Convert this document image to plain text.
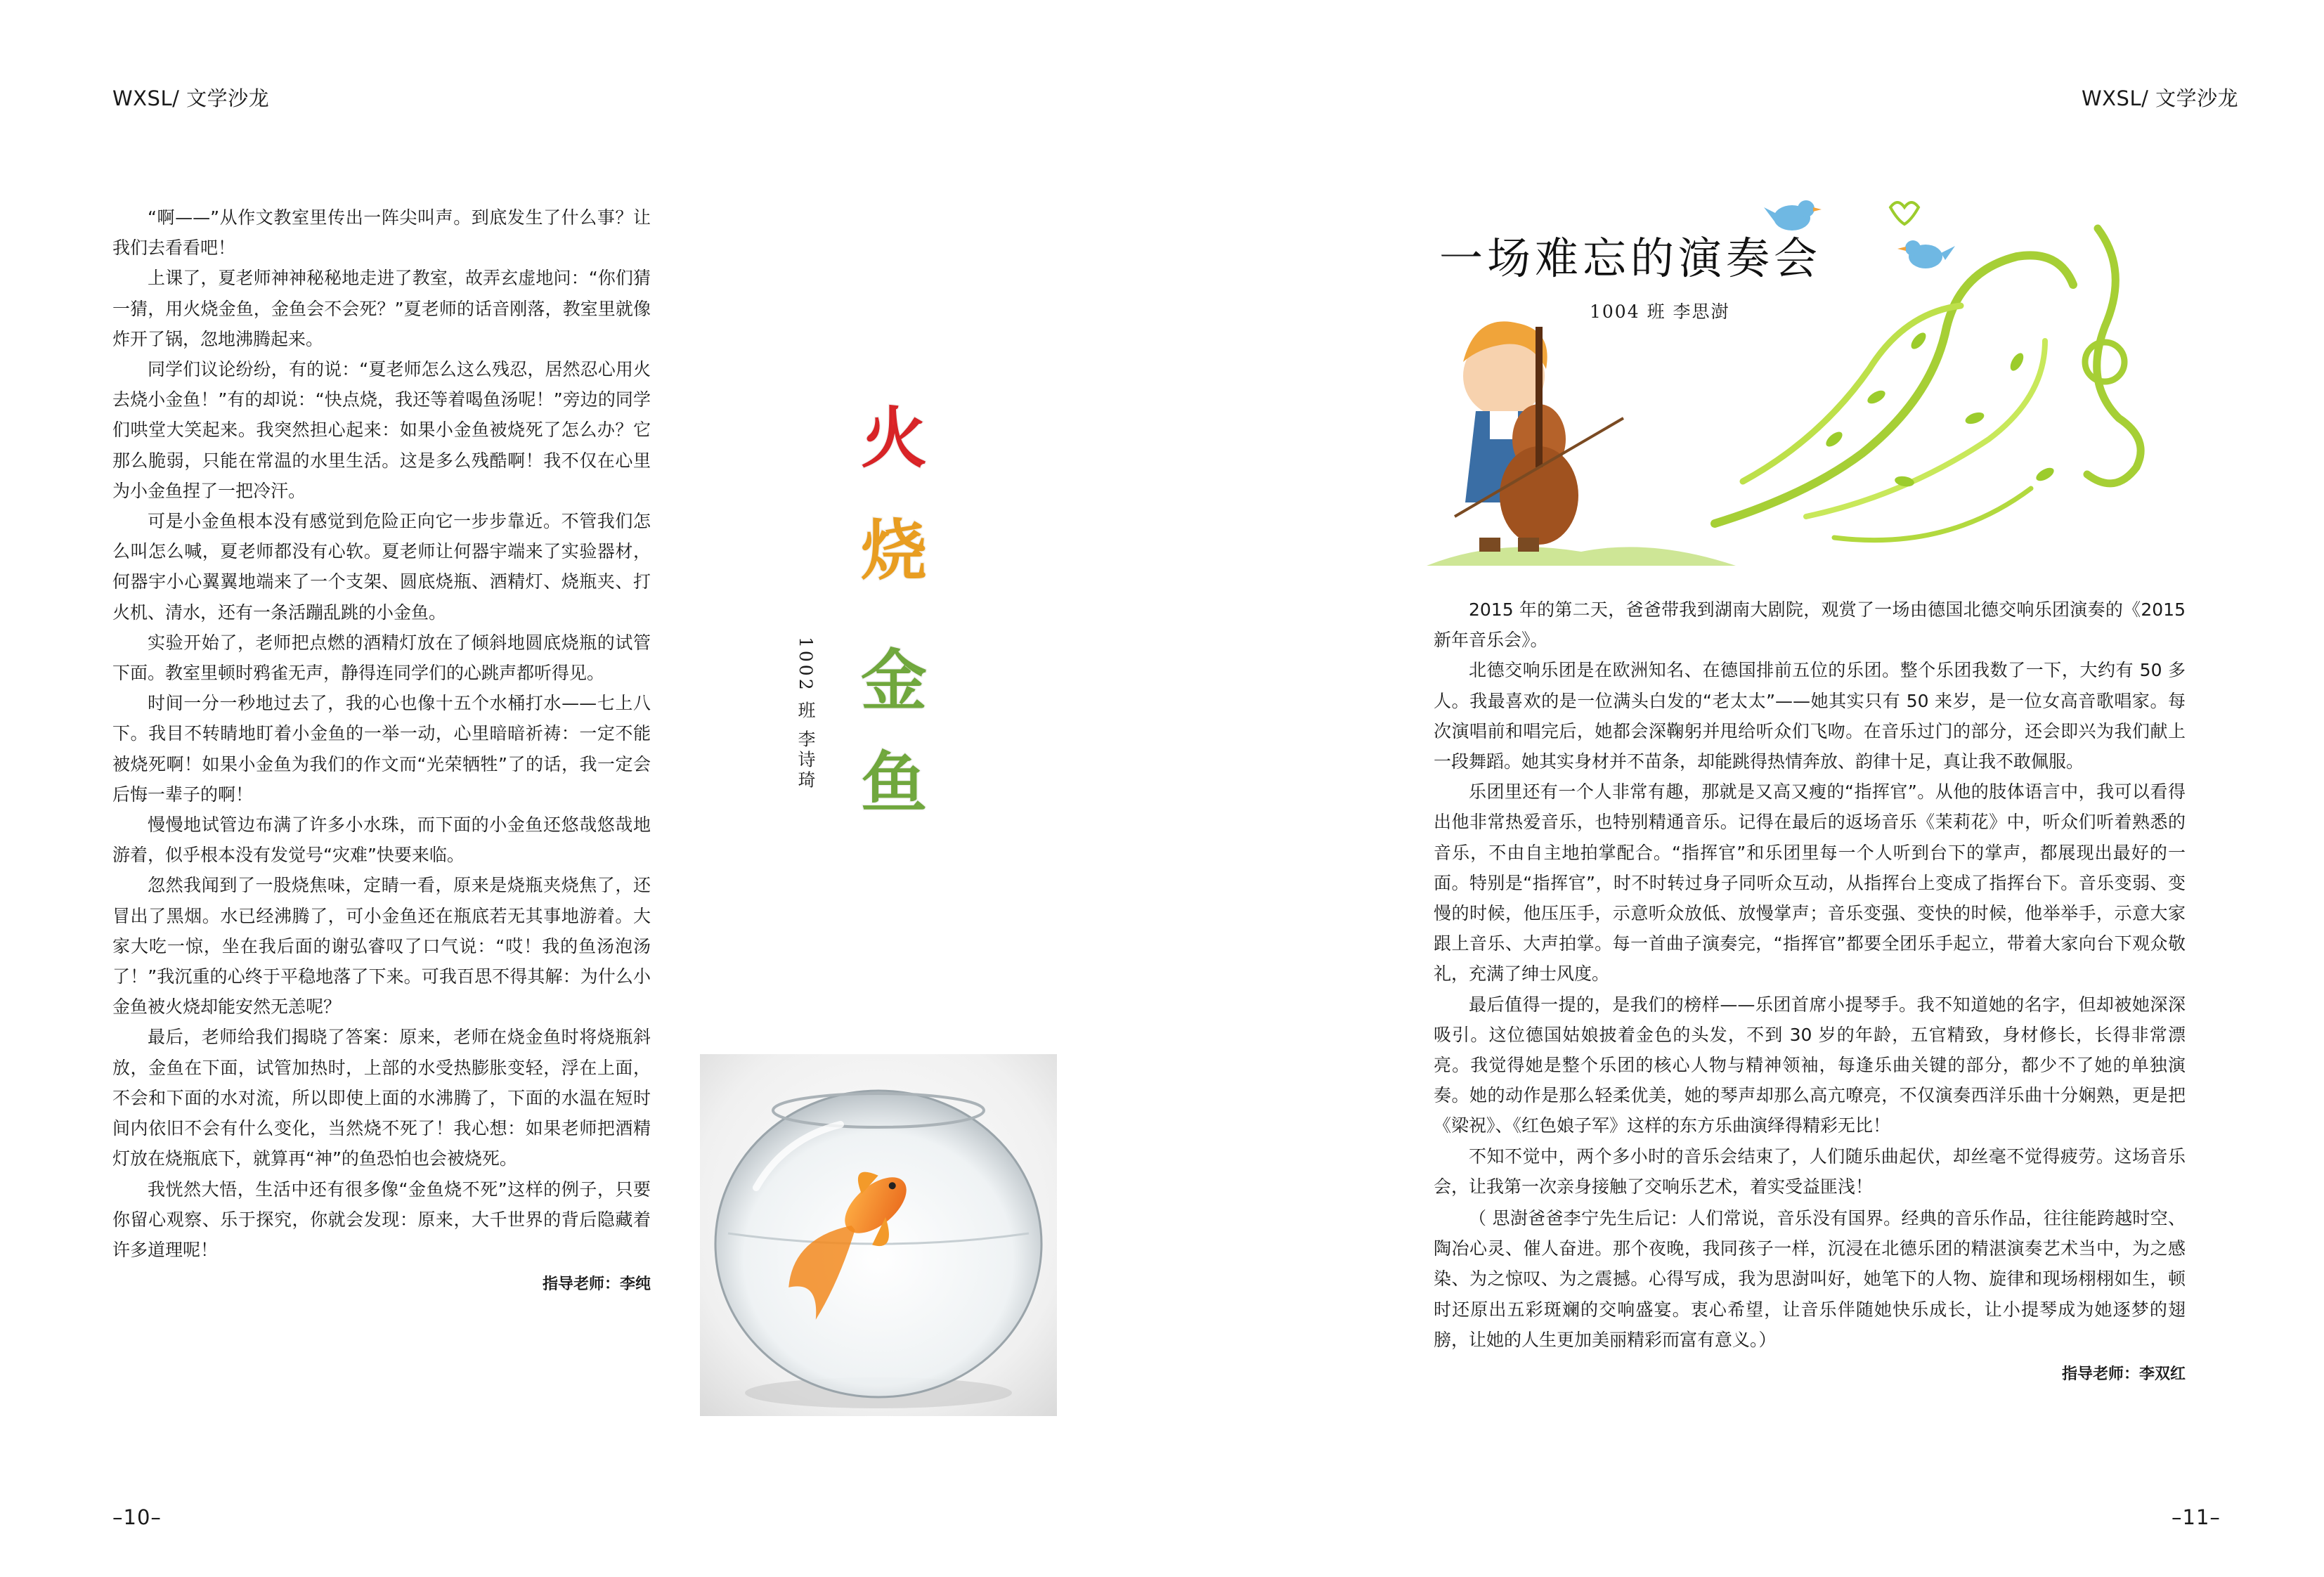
WXSL/ 文学沙龙	WXSL/ 文学沙龙

“啊——”从作文教室里传出一阵尖叫声。到底发生了什么事？让我们去看看吧！

上课了，夏老师神神秘秘地走进了教室，故弄玄虚地问：“你们猜一猜，用火烧金鱼，金鱼会不会死？”夏老师的话音刚落，教室里就像炸开了锅，忽地沸腾起来。

同学们议论纷纷，有的说：“夏老师怎么这么残忍，居然忍心用火去烧小金鱼！”有的却说：“快点烧，我还等着喝鱼汤呢！”旁边的同学们哄堂大笑起来。我突然担心起来：如果小金鱼被烧死了怎么办？它那么脆弱，只能在常温的水里生活。这是多么残酷啊！我不仅在心里为小金鱼捏了一把冷汗。

可是小金鱼根本没有感觉到危险正向它一步步靠近。不管我们怎么叫怎么喊，夏老师都没有心软。夏老师让何器宇端来了实验器材，何器宇小心翼翼地端来了一个支架、圆底烧瓶、酒精灯、烧瓶夹、打火机、清水，还有一条活蹦乱跳的小金鱼。

实验开始了，老师把点燃的酒精灯放在了倾斜地圆底烧瓶的试管下面。教室里顿时鸦雀无声，静得连同学们的心跳声都听得见。

时间一分一秒地过去了，我的心也像十五个水桶打水——七上八下。我目不转睛地盯着小金鱼的一举一动，心里暗暗祈祷：一定不能被烧死啊！如果小金鱼为我们的作文而“光荣牺牲”了的话，我一定会后悔一辈子的啊！

慢慢地试管边布满了许多小水珠，而下面的小金鱼还悠哉悠哉地游着，似乎根本没有发觉号“灾难”快要来临。

忽然我闻到了一股烧焦味，定睛一看，原来是烧瓶夹烧焦了，还冒出了黑烟。水已经沸腾了，可小金鱼还在瓶底若无其事地游着。大家大吃一惊，坐在我后面的谢弘睿叹了口气说：“哎！我的鱼汤泡汤了！”我沉重的心终于平稳地落了下来。可我百思不得其解：为什么小金鱼被火烧却能安然无恙呢？

最后，老师给我们揭晓了答案：原来，老师在烧金鱼时将烧瓶斜放，金鱼在下面，试管加热时，上部的水受热膨胀变轻，浮在上面，不会和下面的水对流，所以即使上面的水沸腾了，下面的水温在短时间内依旧不会有什么变化，当然烧不死了！我心想：如果老师把酒精灯放在烧瓶底下，就算再“神”的鱼恐怕也会被烧死。

我恍然大悟，生活中还有很多像“金鱼烧不死”这样的例子，只要你留心观察、乐于探究，你就会发现：原来，大千世界的背后隐藏着许多道理呢！

指导老师：李纯

火
烧
金
鱼
1002 班 李诗琦
一场难忘的演奏会
1004 班 李思澍

2015 年的第二天，爸爸带我到湖南大剧院，观赏了一场由德国北德交响乐团演奏的《2015 新年音乐会》。

北德交响乐团是在欧洲知名、在德国排前五位的乐团。整个乐团我数了一下，大约有 50 多人。我最喜欢的是一位满头白发的“老太太”——她其实只有 50 来岁，是一位女高音歌唱家。每次演唱前和唱完后，她都会深鞠躬并甩给听众们飞吻。在音乐过门的部分，还会即兴为我们献上一段舞蹈。她其实身材并不苗条，却能跳得热情奔放、韵律十足，真让我不敢佩服。

乐团里还有一个人非常有趣，那就是又高又瘦的“指挥官”。从他的肢体语言中，我可以看得出他非常热爱音乐，也特别精通音乐。记得在最后的返场音乐《茉莉花》中，听众们听着熟悉的音乐，不由自主地拍掌配合。“指挥官”和乐团里每一个人听到台下的掌声，都展现出最好的一面。特别是“指挥官”，时不时转过身子同听众互动，从指挥台上变成了指挥台下。音乐变弱、变慢的时候，他压压手，示意听众放低、放慢掌声；音乐变强、变快的时候，他举举手，示意大家跟上音乐、大声拍掌。每一首曲子演奏完，“指挥官”都要全团乐手起立，带着大家向台下观众敬礼，充满了绅士风度。

最后值得一提的，是我们的榜样——乐团首席小提琴手。我不知道她的名字，但却被她深深吸引。这位德国姑娘披着金色的头发，不到 30 岁的年龄，五官精致，身材修长，长得非常漂亮。我觉得她是整个乐团的核心人物与精神领袖，每逢乐曲关键的部分，都少不了她的单独演奏。她的动作是那么轻柔优美，她的琴声却那么高亢嘹亮，不仅演奏西洋乐曲十分娴熟，更是把《梁祝》、《红色娘子军》这样的东方乐曲演绎得精彩无比！

不知不觉中，两个多小时的音乐会结束了，人们随乐曲起伏，却丝毫不觉得疲劳。这场音乐会，让我第一次亲身接触了交响乐艺术，着实受益匪浅！

（ 思澍爸爸李宁先生后记：人们常说，音乐没有国界。经典的音乐作品，往往能跨越时空、陶冶心灵、催人奋进。那个夜晚，我同孩子一样，沉浸在北德乐团的精湛演奏艺术当中，为之感染、为之惊叹、为之震撼。心得写成，我为思澍叫好，她笔下的人物、旋律和现场栩栩如生，顿时还原出五彩斑斓的交响盛宴。衷心希望，让音乐伴随她快乐成长，让小提琴成为她逐梦的翅膀，让她的人生更加美丽精彩而富有意义。）

指导老师：李双红

–10–	–11–
